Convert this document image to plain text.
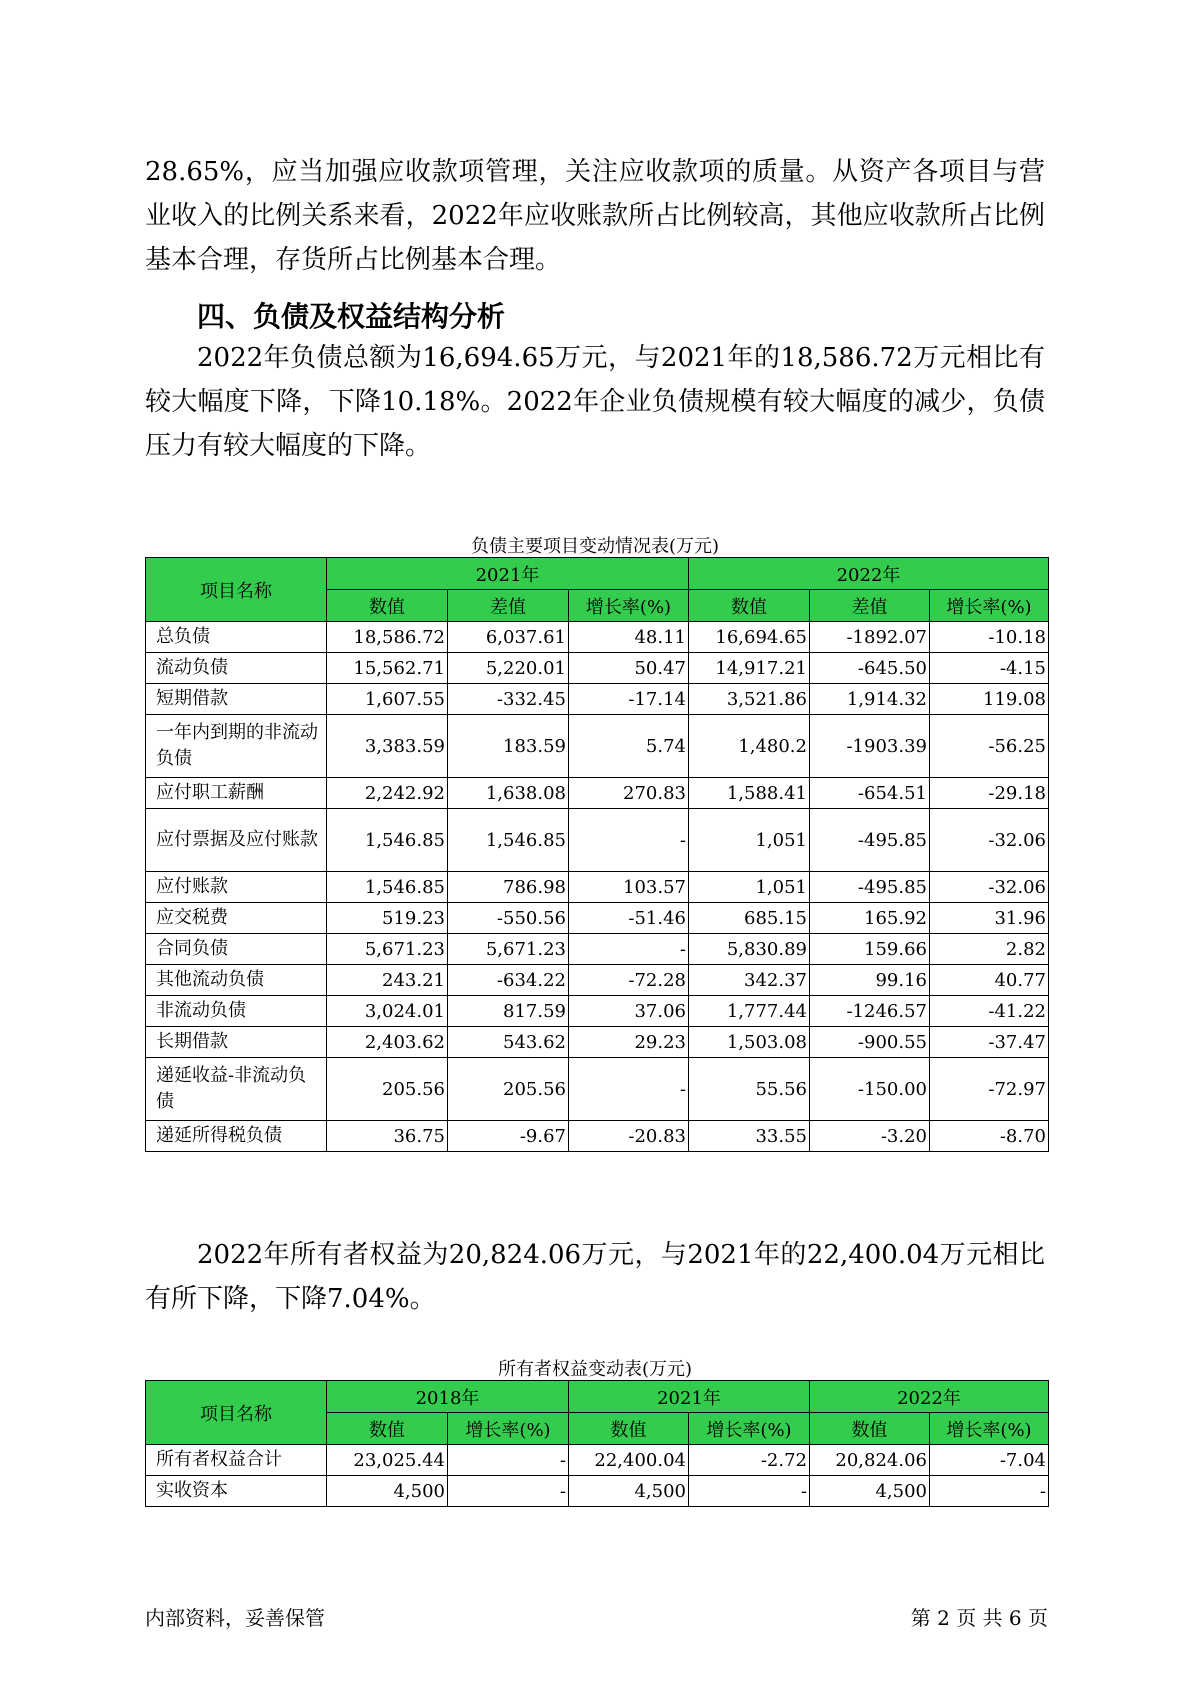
28.65%，应当加强应收款项管理，关注应收款项的质量。从资产各项目与营业收入的比例关系来看，2022年应收账款所占比例较高，其他应收款所占比例基本合理，存货所占比例基本合理。

四、负债及权益结构分析

2022年负债总额为16,694.65万元，与2021年的18,586.72万元相比有较大幅度下降，下降10.18%。2022年企业负债规模有较大幅度的减少，负债压力有较大幅度的下降。

负债主要项目变动情况表(万元)

项目名称	2021年			2022年		
	数值	差值	增长率(%)	数值	差值	增长率(%)
总负债	18,586.72	6,037.61	48.11	16,694.65	-1892.07	-10.18
流动负债	15,562.71	5,220.01	50.47	14,917.21	-645.50	-4.15
短期借款	1,607.55	-332.45	-17.14	3,521.86	1,914.32	119.08
一年内到期的非流动负债	3,383.59	183.59	5.74	1,480.2	-1903.39	-56.25
应付职工薪酬	2,242.92	1,638.08	270.83	1,588.41	-654.51	-29.18
应付票据及应付账款	1,546.85	1,546.85	-	1,051	-495.85	-32.06
应付账款	1,546.85	786.98	103.57	1,051	-495.85	-32.06
应交税费	519.23	-550.56	-51.46	685.15	165.92	31.96
合同负债	5,671.23	5,671.23	-	5,830.89	159.66	2.82
其他流动负债	243.21	-634.22	-72.28	342.37	99.16	40.77
非流动负债	3,024.01	817.59	37.06	1,777.44	-1246.57	-41.22
长期借款	2,403.62	543.62	29.23	1,503.08	-900.55	-37.47
递延收益-非流动负债	205.56	205.56	-	55.56	-150.00	-72.97
递延所得税负债	36.75	-9.67	-20.83	33.55	-3.20	-8.70

2022年所有者权益为20,824.06万元，与2021年的22,400.04万元相比有所下降，下降7.04%。

所有者权益变动表(万元)

项目名称	2018年		2021年		2022年	
	数值	增长率(%)	数值	增长率(%)	数值	增长率(%)
所有者权益合计	23,025.44	-	22,400.04	-2.72	20,824.06	-7.04
实收资本	4,500	-	4,500	-	4,500	-
内部资料，妥善保管	第 2 页 共 6 页
